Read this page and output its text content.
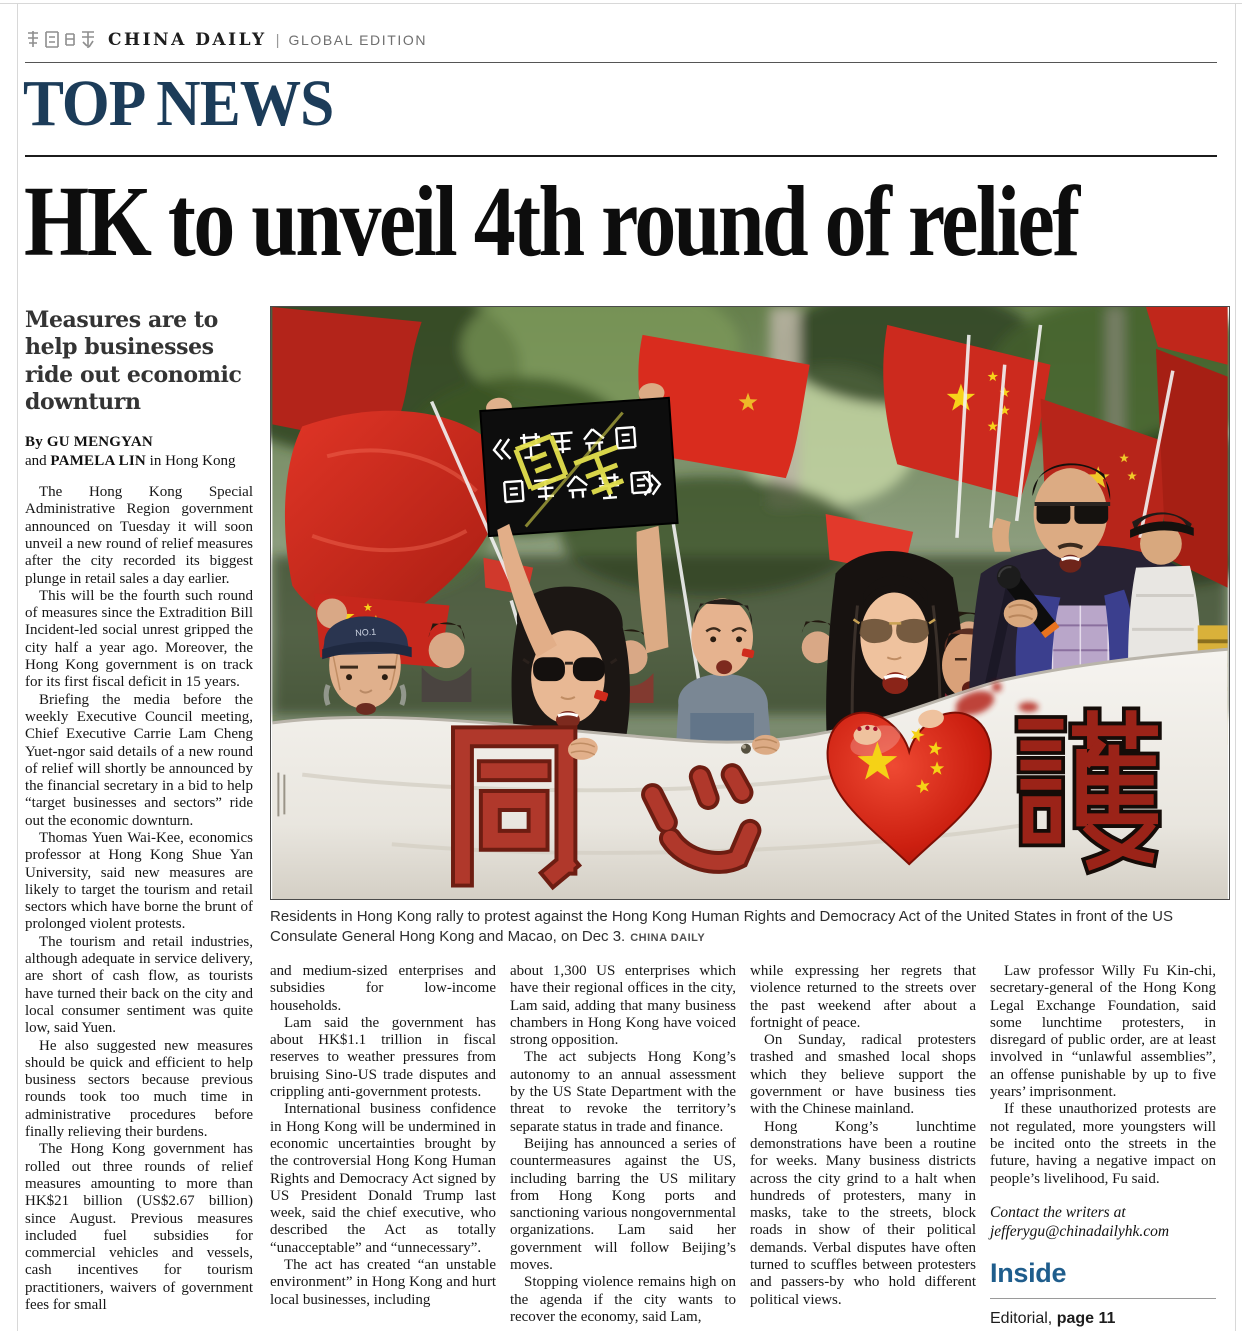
CHINA DAILY | GLOBAL EDITION
TOP NEWS
HK to unveil 4th round of relief
Measures are to help businesses ride out economic downturn
By GU MENGYAN
and PAMELA LIN in Hong Kong

The Hong Kong Special Administrative Region government announced on Tuesday it will soon unveil a new round of relief measures after the city recorded its biggest plunge in retail sales a day earlier.

This will be the fourth such round of measures since the Extradition Bill Incident-led social unrest gripped the city half a year ago. Moreover, the Hong Kong government is on track for its first fiscal deficit in 15 years.

Briefing the media before the weekly Executive Council meeting, Chief Executive Carrie Lam Cheng Yuet-ngor said details of a new round of relief will shortly be announced by the financial secretary in a bid to help “target businesses and sectors” ride out the economic downturn.

Thomas Yuen Wai-Kee, economics professor at Hong Kong Shue Yan University, said new measures are likely to target the tourism and retail sectors which have borne the brunt of prolonged violent protests.

The tourism and retail industries, although adequate in service delivery, are short of cash flow, as tourists have turned their back on the city and local consumer sentiment was quite low, said Yuen.

He also suggested new measures should be quick and efficient to help business sectors because previous rounds took too much time in administrative procedures before finally relieving their burdens.

The Hong Kong government has rolled out three rounds of relief measures amounting to more than HK$21 billion (US$2.67 billion) since August. Previous measures included fuel subsidies for commercial vehicles and vessels, cash incentives for tourism practitioners, waivers of government fees for small

NO.1
Residents in Hong Kong rally to protest against the Hong Kong Human Rights and Democracy Act of the United States in front of the US Consulate General Hong Kong and Macao, on Dec 3. CHINA DAILY

and medium-sized enterprises and subsidies for low-income households.

Lam said the government has about HK$1.1 trillion in fiscal reserves to weather pressures from bruising Sino-US trade disputes and crippling anti-government protests.

International business confidence in Hong Kong will be undermined in economic uncertainties brought by the controversial Hong Kong Human Rights and Democracy Act signed by US President Donald Trump last week, said the chief executive, who described the Act as totally “unacceptable” and “unnecessary”.

The act has created “an unstable environment” in Hong Kong and hurt local businesses, including

about 1,300 US enterprises which have their regional offices in the city, Lam said, adding that many business chambers in Hong Kong have voiced strong opposition.

The act subjects Hong Kong’s autonomy to an annual assessment by the US State Department with the threat to revoke the territory’s separate status in trade and finance.

Beijing has announced a series of countermeasures against the US, including barring the US military from Hong Kong ports and sanctioning various nongovernmental organizations. Lam said her government will follow Beijing’s moves.

Stopping violence remains high on the agenda if the city wants to recover the economy, said Lam,

while expressing her regrets that violence returned to the streets over the past weekend after about a fortnight of peace.

On Sunday, radical protesters trashed and smashed local shops which they believe support the government or have business ties with the Chinese mainland.

Hong Kong’s lunchtime demonstrations have been a routine for weeks. Many business districts across the city grind to a halt when hundreds of protesters, many in masks, take to the streets, block roads in show of their political demands. Verbal disputes have often turned to scuffles between protesters and passers-by who hold different political views.

Law professor Willy Fu Kin-chi, secretary-general of the Hong Kong Legal Exchange Foundation, said some lunchtime protesters, in disregard of public order, are at least involved in “unlawful assemblies”, an offense punishable by up to five years’ imprisonment.

If these unauthorized protests are not regulated, more youngsters will be incited onto the streets in the future, having a negative impact on people’s livelihood, Fu said.

Contact the writers at
jefferygu@chinadailyhk.com
Inside
Editorial, page 11
